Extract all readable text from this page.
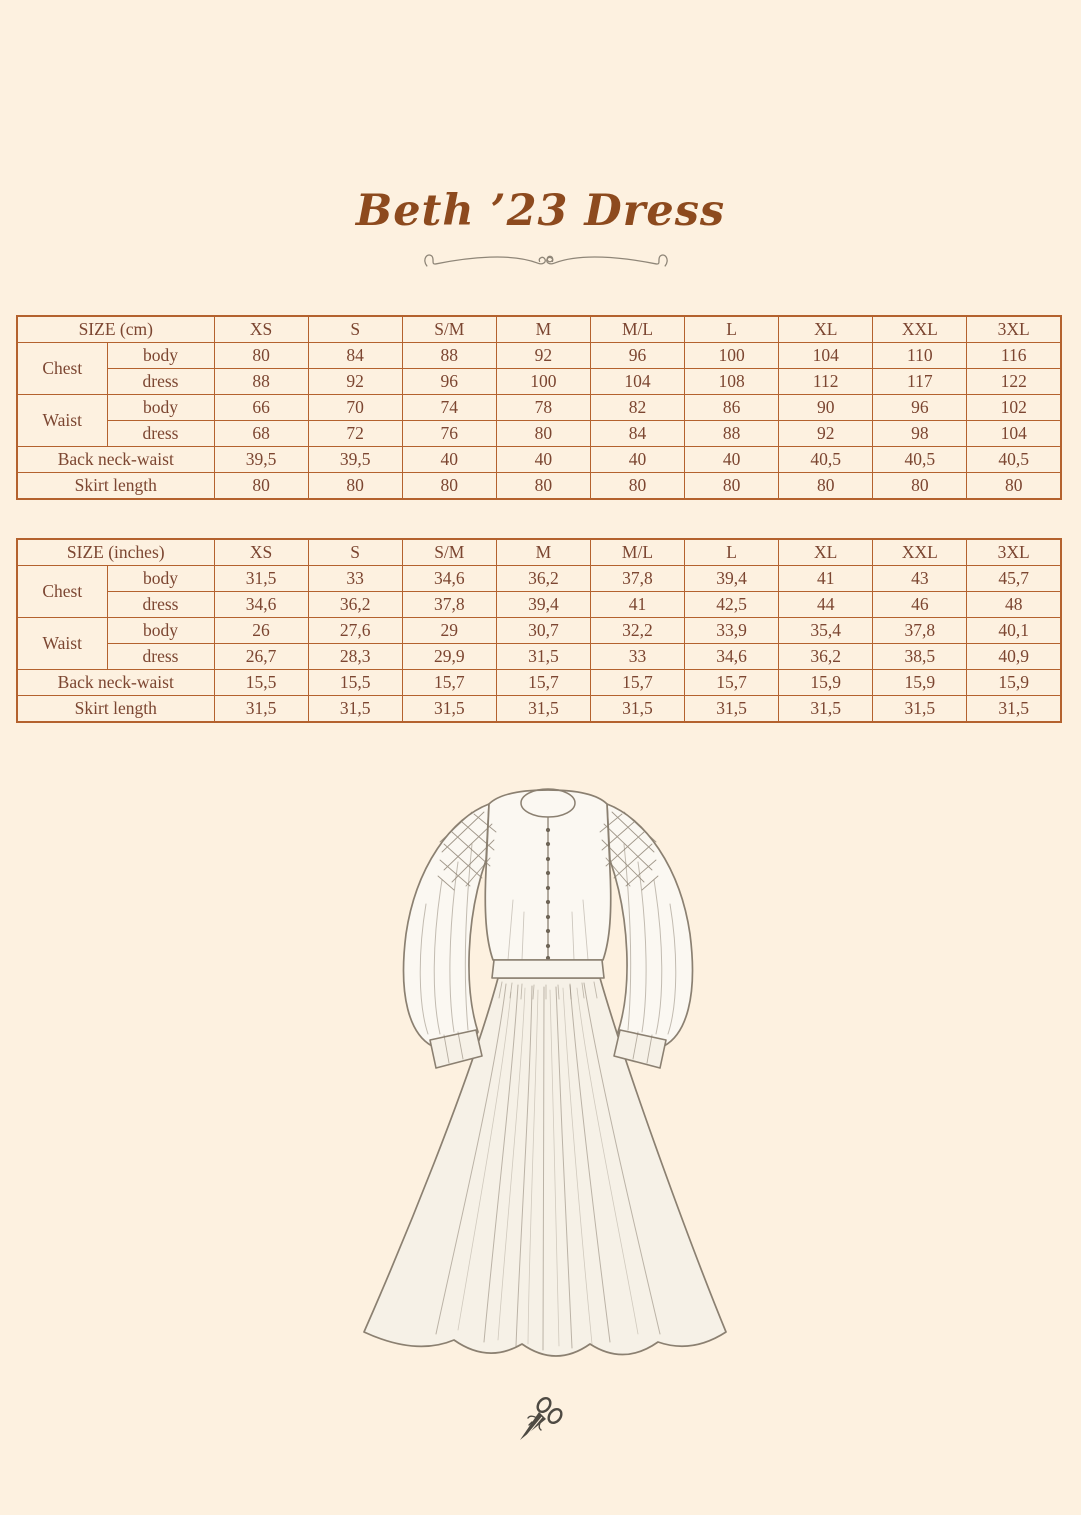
Beth ’23 Dress
SIZE (cm)		XS	S	S/M	M	M/L	L	XL	XXL	3XL
Chest	body	80	84	88	92	96	100	104	110	116
	dress	88	92	96	100	104	108	112	117	122
Waist	body	66	70	74	78	82	86	90	96	102
	dress	68	72	76	80	84	88	92	98	104
Back neck-waist		39,5	39,5	40	40	40	40	40,5	40,5	40,5
Skirt length		80	80	80	80	80	80	80	80	80
SIZE (inches)		XS	S	S/M	M	M/L	L	XL	XXL	3XL
Chest	body	31,5	33	34,6	36,2	37,8	39,4	41	43	45,7
	dress	34,6	36,2	37,8	39,4	41	42,5	44	46	48
Waist	body	26	27,6	29	30,7	32,2	33,9	35,4	37,8	40,1
	dress	26,7	28,3	29,9	31,5	33	34,6	36,2	38,5	40,9
Back neck-waist		15,5	15,5	15,7	15,7	15,7	15,7	15,9	15,9	15,9
Skirt length		31,5	31,5	31,5	31,5	31,5	31,5	31,5	31,5	31,5
